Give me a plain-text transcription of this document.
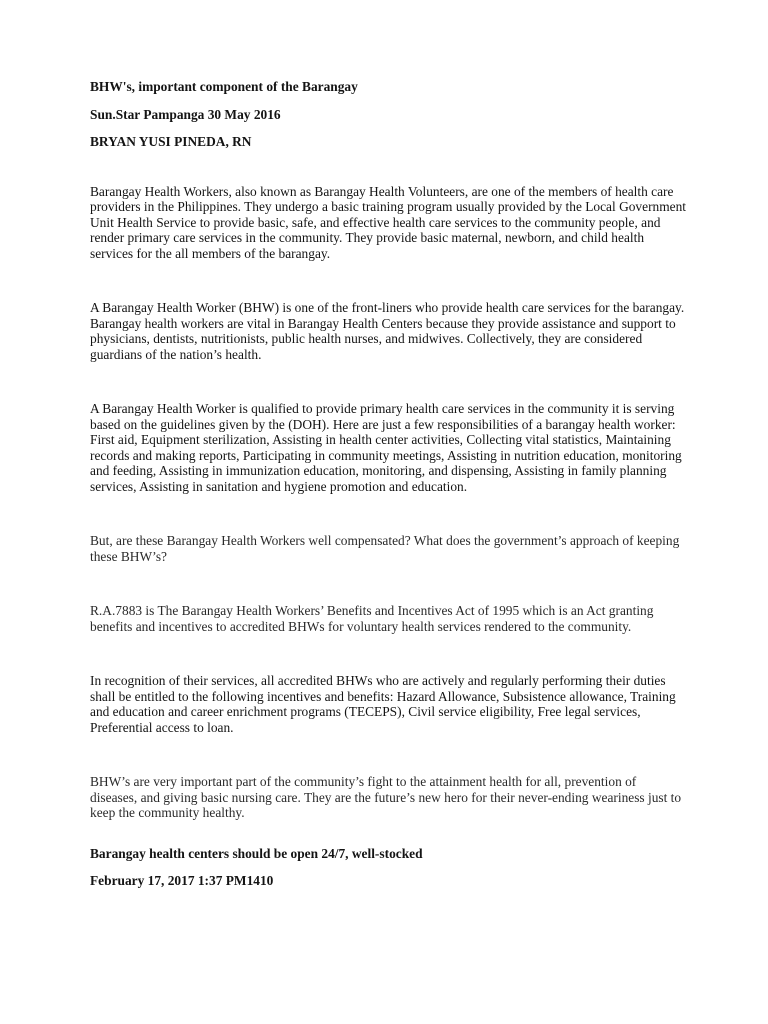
BHW's, important component of the Barangay

Sun.Star Pampanga 30 May 2016

BRYAN YUSI PINEDA, RN

Barangay Health Workers, also known as Barangay Health Volunteers, are one of the members of health care providers in the Philippines. They undergo a basic training program usually provided by the Local Government Unit Health Service to provide basic, safe, and effective health care services to the community people, and render primary care services in the community. They provide basic maternal, newborn, and child health services for the all members of the barangay.

A Barangay Health Worker (BHW) is one of the front-liners who provide health care services for the barangay. Barangay health workers are vital in Barangay Health Centers because they provide assistance and support to physicians, dentists, nutritionists, public health nurses, and midwives. Collectively, they are considered guardians of the nation’s health.

A Barangay Health Worker is qualified to provide primary health care services in the community it is serving based on the guidelines given by the (DOH). Here are just a few responsibilities of a barangay health worker: First aid, Equipment sterilization, Assisting in health center activities, Collecting vital statistics, Maintaining records and making reports, Participating in community meetings, Assisting in nutrition education, monitoring and feeding, Assisting in immunization education, monitoring, and dispensing, Assisting in family planning services, Assisting in sanitation and hygiene promotion and education.

But, are these Barangay Health Workers well compensated? What does the government’s approach of keeping these BHW’s?

R.A.7883 is The Barangay Health Workers’ Benefits and Incentives Act of 1995 which is an Act granting benefits and incentives to accredited BHWs for voluntary health services rendered to the community.

In recognition of their services, all accredited BHWs who are actively and regularly performing their duties shall be entitled to the following incentives and benefits: Hazard Allowance, Subsistence allowance, Training and education and career enrichment programs (TECEPS), Civil service eligibility, Free legal services, Preferential access to loan.

BHW’s are very important part of the community’s fight to the attainment health for all, prevention of diseases, and giving basic nursing care. They are the future’s new hero for their never-ending weariness just to keep the community healthy.

Barangay health centers should be open 24/7, well-stocked

February 17, 2017 1:37 PM1410
